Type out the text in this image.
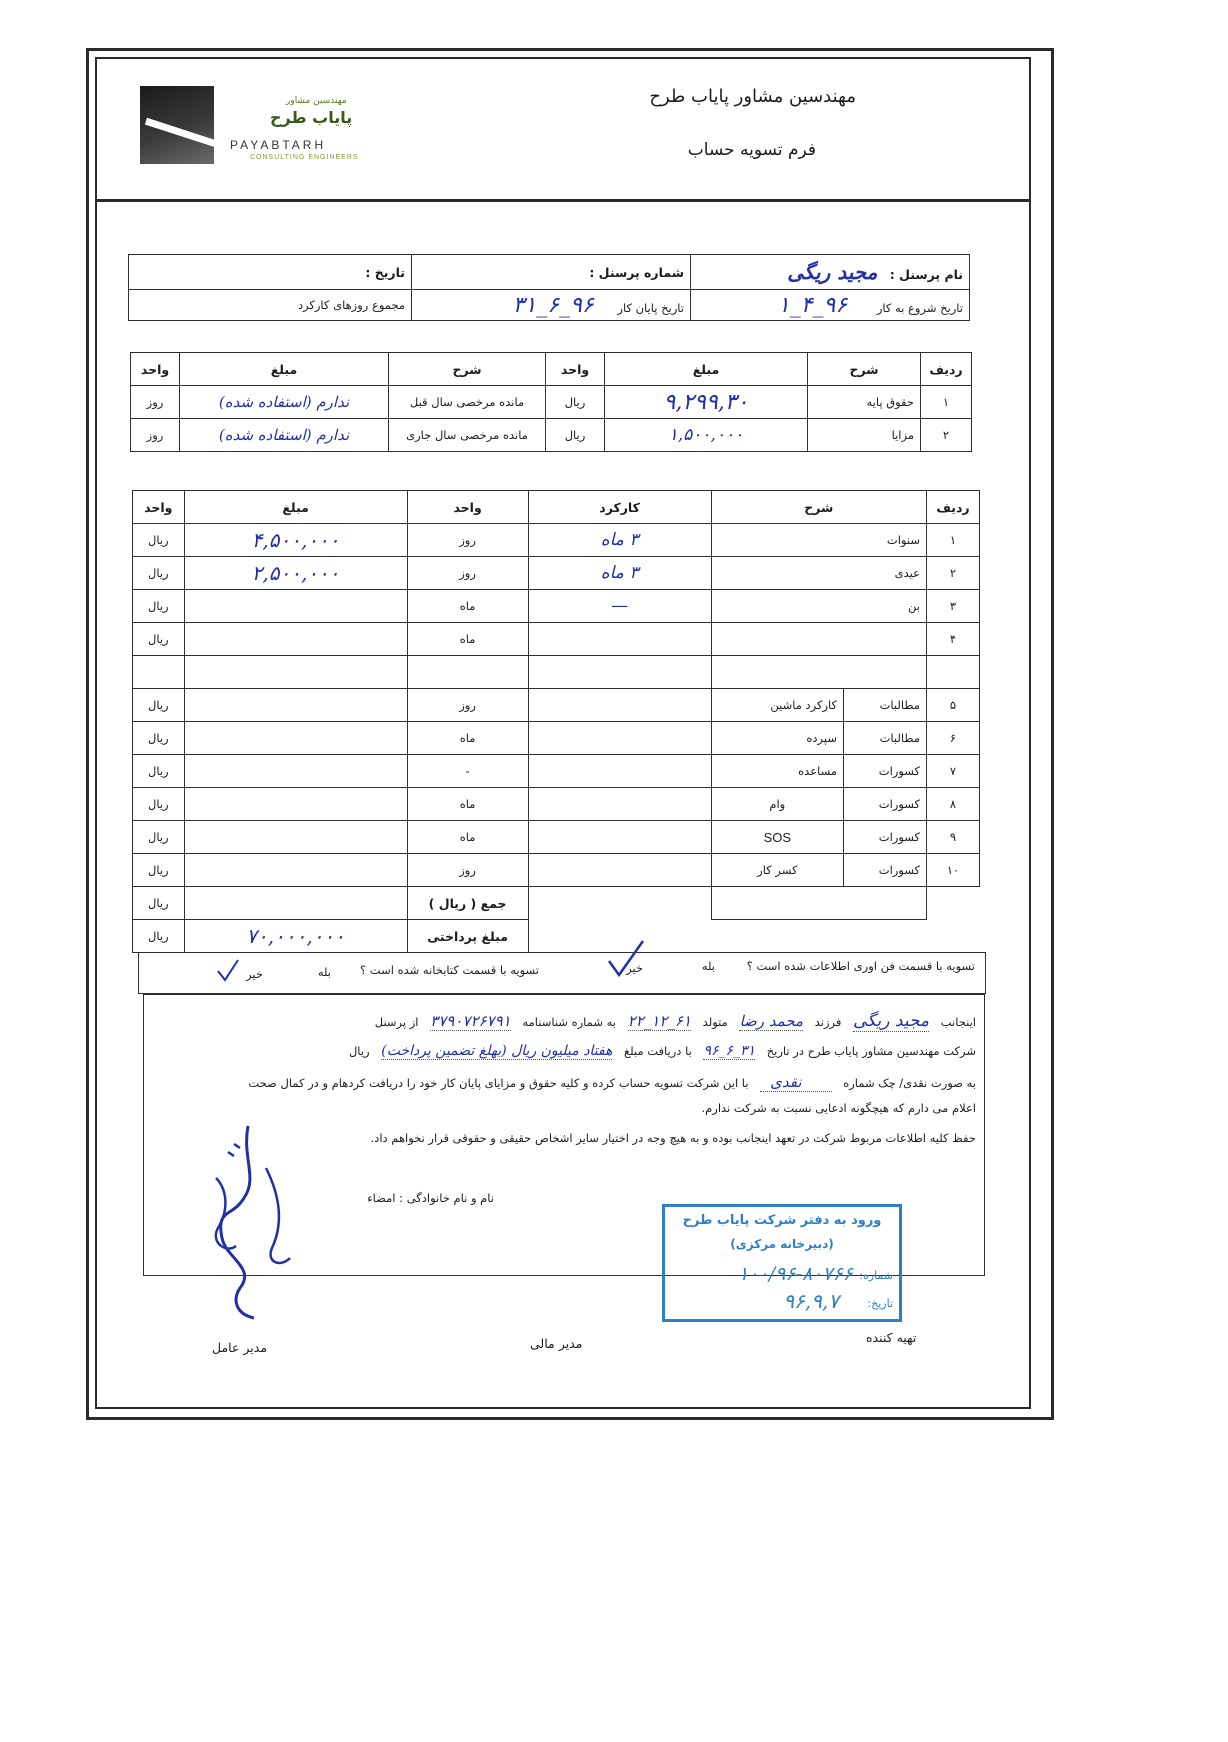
مهندسین مشاور
پایاب طرح
PAYABTARH
CONSULTING ENGINEERS
مهندسین مشاور پایاب طرح
فرم تسویه حساب
نام پرسنل : مجید ریگی	شماره پرسنل :	تاریخ :
تاریخ شروع به کار ۹۶_۴_۱	تاریخ پایان کار ۹۶_۶_۳۱	مجموع روزهای کارکرد
ردیف	شرح	مبلغ	واحد	شرح	مبلغ	واحد
۱	حقوق پایه	۹,۲۹۹,۳۰	ریال	مانده مرخصی سال قبل	ندارم (استفاده شده)	روز
۲	مزایا	۱,۵۰۰,۰۰۰	ریال	مانده مرخصی سال جاری	ندارم (استفاده شده)	روز
ردیف	شرح		کارکرد	واحد	مبلغ	واحد
۱	سنوات		۳ ماه	روز	۴,۵۰۰,۰۰۰	ریال
۲	عیدی		۳ ماه	روز	۲,۵۰۰,۰۰۰	ریال
۳	بن		—	ماه		ریال
۴				ماه		ریال

۵	مطالبات	کارکرد ماشین		روز		ریال
۶	مطالبات	سپرده		ماه		ریال
۷	کسورات	مساعده		-		ریال
۸	کسورات	وام		ماه		ریال
۹	کسورات	SOS		ماه		ریال
۱۰	کسورات	کسر کار		روز		ریال
				جمع ( ریال )		ریال
				مبلغ پرداختی	۷۰,۰۰۰,۰۰۰	ریال
تسویه با قسمت فن اوری اطلاعات شده است ؟
بله
خیر
تسویه با قسمت کتابخانه شده است ؟
بله
خیر
اینجانب مجید ریگی فرزند محمد رضا متولد ۶۱_۱۲_۲۲ به شماره شناسنامه ۳۷۹۰۷۲۶۷۹۱ از پرسنل
شرکت مهندسین مشاور پایاب طرح در تاریخ ۳۱_۶_۹۶ با دریافت مبلغ هفتاد میلیون ریال (بهلغ تضمین پرداخت) ریال
به صورت نقدی/ چک شماره نقدی با این شرکت تسویه حساب کرده و کلیه حقوق و مزایای پایان کار خود را دریافت کردهام و در کمال صحت
اعلام می دارم که هیچگونه ادعایی نسبت به شرکت ندارم.
حفظ کلیه اطلاعات مربوط شرکت در تعهد اینجانب بوده و به هیچ وجه در اختیار سایر اشخاص حقیقی و حقوقی قرار نخواهم داد.
نام و نام خانوادگی : امضاء
ورود به دفتر شرکت پایاب طرح
(دبیرخانه مرکزی)
شماره:
۱۰۰/۹۶-۸۰۷۶۶
تاریخ:
۹۶,۹,۷
تهیه کننده
مدیر مالی
مدیر عامل
